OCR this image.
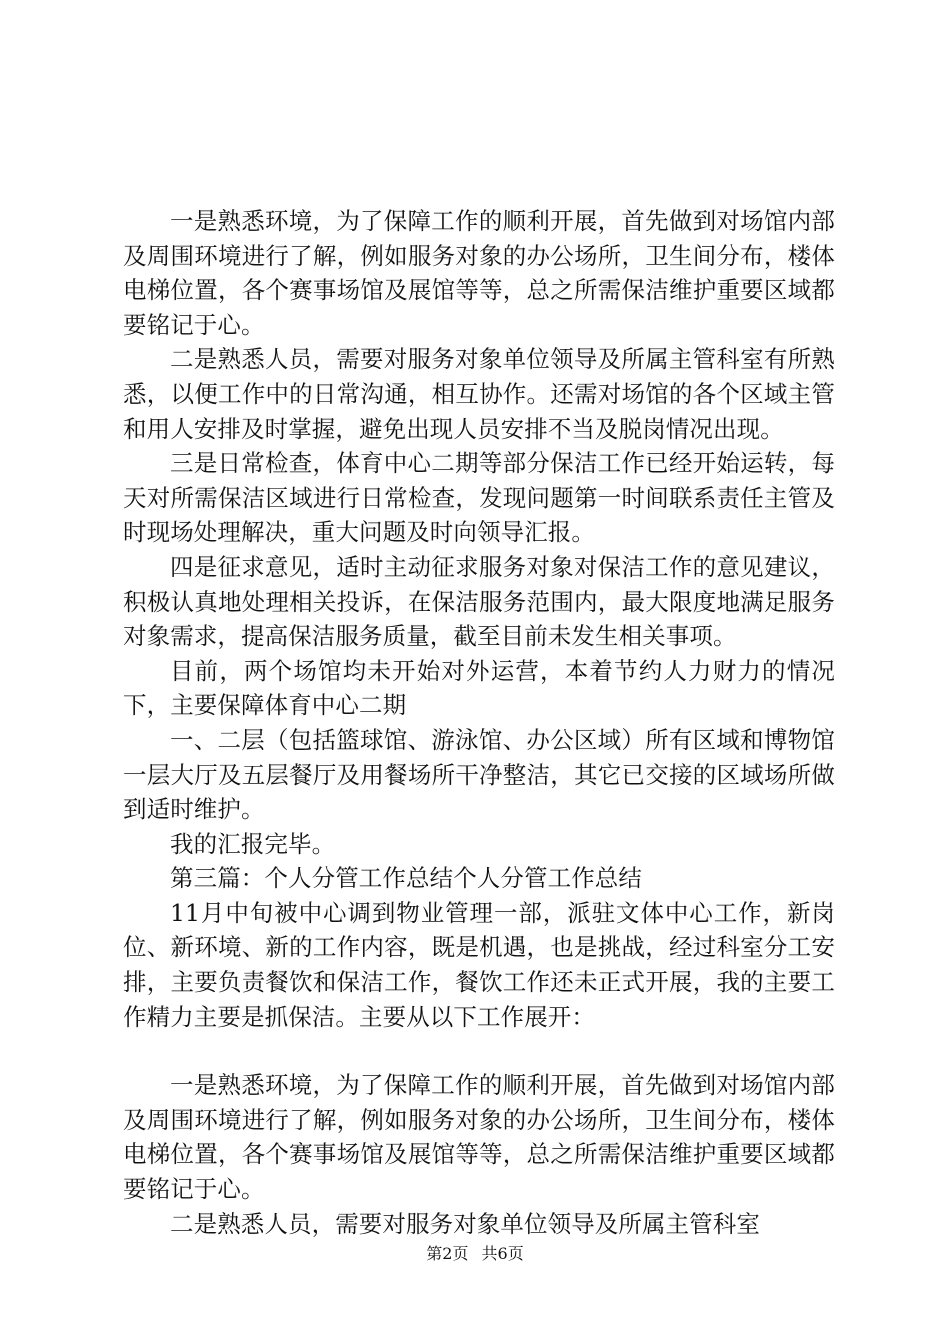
一是熟悉环境，为了保障工作的顺利开展，首先做到对场馆内部及周围环境进行了解，例如服务对象的办公场所，卫生间分布，楼体电梯位置，各个赛事场馆及展馆等等，总之所需保洁维护重要区域都要铭记于心。

二是熟悉人员，需要对服务对象单位领导及所属主管科室有所熟悉，以便工作中的日常沟通，相互协作。还需对场馆的各个区域主管和用人安排及时掌握，避免出现人员安排不当及脱岗情况出现。

三是日常检查，体育中心二期等部分保洁工作已经开始运转，每天对所需保洁区域进行日常检查，发现问题第一时间联系责任主管及时现场处理解决，重大问题及时向领导汇报。

四是征求意见，适时主动征求服务对象对保洁工作的意见建议，积极认真地处理相关投诉，在保洁服务范围内，最大限度地满足服务对象需求，提高保洁服务质量，截至目前未发生相关事项。

目前，两个场馆均未开始对外运营，本着节约人力财力的情况下，主要保障体育中心二期

一、二层（包括篮球馆、游泳馆、办公区域）所有区域和博物馆一层大厅及五层餐厅及用餐场所干净整洁，其它已交接的区域场所做到适时维护。

我的汇报完毕。

第三篇：个人分管工作总结个人分管工作总结

11月中旬被中心调到物业管理一部，派驻文体中心工作，新岗位、新环境、新的工作内容，既是机遇，也是挑战，经过科室分工安排，主要负责餐饮和保洁工作，餐饮工作还未正式开展，我的主要工作精力主要是抓保洁。主要从以下工作展开：

一是熟悉环境，为了保障工作的顺利开展，首先做到对场馆内部及周围环境进行了解，例如服务对象的办公场所，卫生间分布，楼体电梯位置，各个赛事场馆及展馆等等，总之所需保洁维护重要区域都要铭记于心。

二是熟悉人员，需要对服务对象单位领导及所属主管科室

第2页 共6页
